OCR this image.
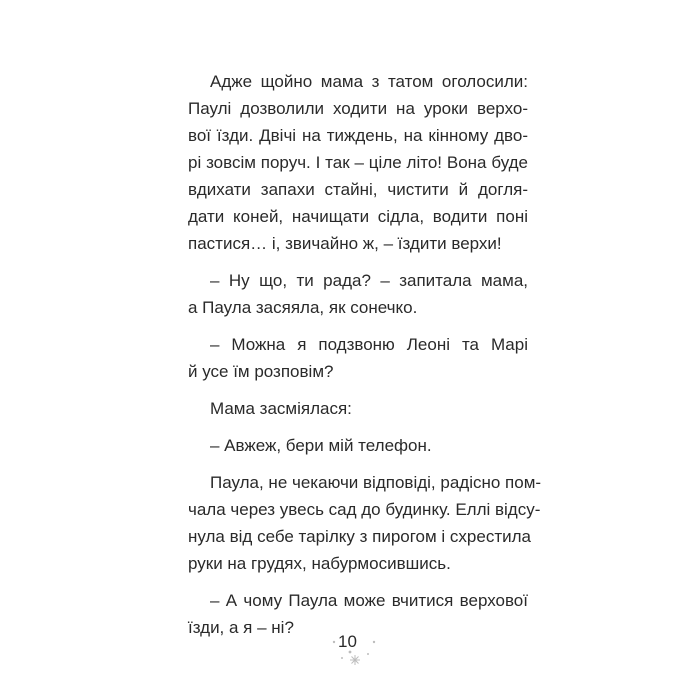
Адже щойно мама з татом оголосили:
Паулі дозволили ходити на уроки верхо-
вої їзди. Двічі на тиждень, на кінному дво-
рі зовсім поруч. І так – ціле літо! Вона буде
вдихати запахи стайні, чистити й догля-
дати коней, начищати сідла, водити поні
пастися… і, звичайно ж, – їздити верхи!
– Ну що, ти рада? – запитала мама,
а Паула засяяла, як сонечко.
– Можна я подзвоню Леоні та Марі
й усе їм розповім?
Мама засміялася:
– Авжеж, бери мій телефон.
Паула, не чекаючи відповіді, радісно пом-
чала через увесь сад до будинку. Еллі відсу-
нула від себе тарілку з пирогом і схрестила
руки на грудях, набурмосившись.
– А чому Паула може вчитися верхової
їзди, а я – ні?
10
